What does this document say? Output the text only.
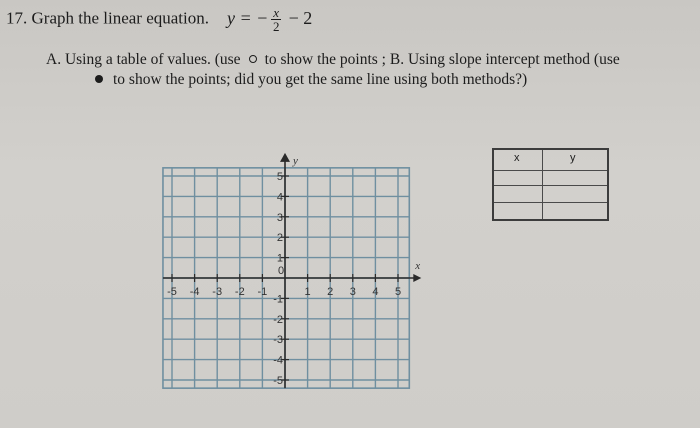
17. Graph the linear equation. y = − $\frac{x}{2} - 2$
A. Using a table of values. (use to show the points ; B. Using slope intercept method (use
to show the points; did you get the same line using both methods?)
-5 -4 -3 -2 -1	1 2 3 4 5
5
4
3
2
1
-1
-2
-3
-4
-5
0	x
y	x	y
